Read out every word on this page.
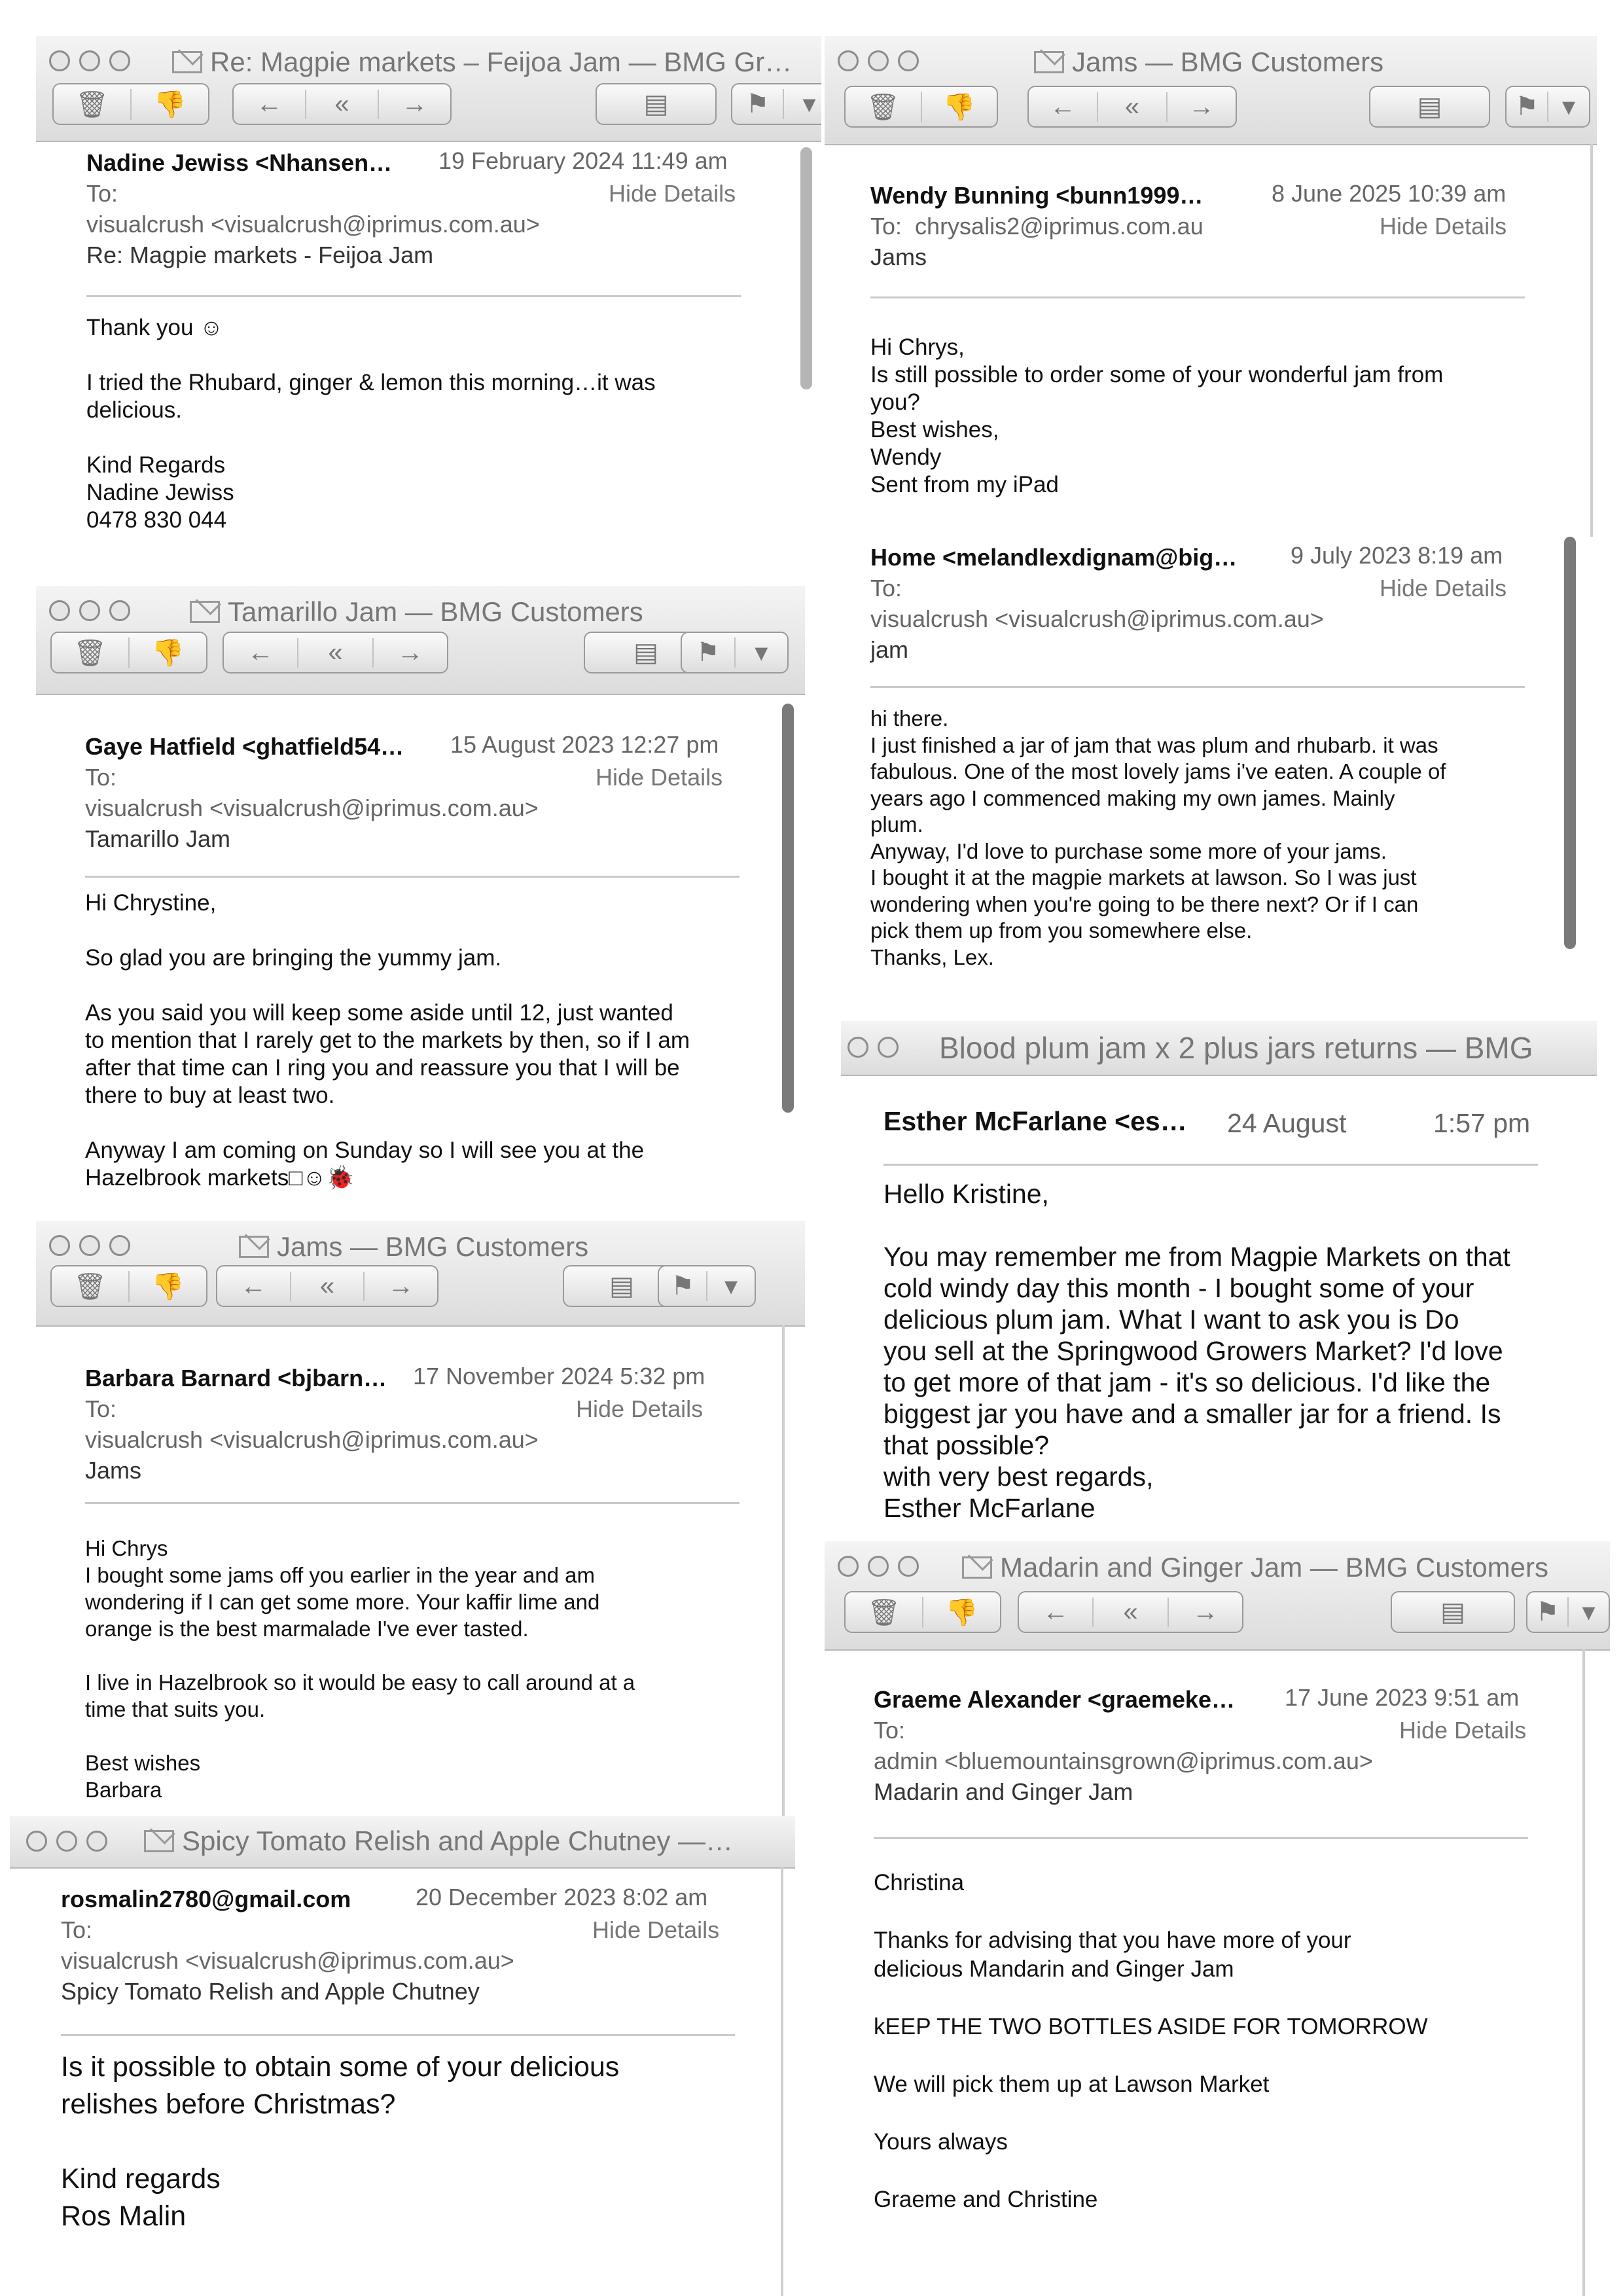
Re: Magpie markets – Feijoa Jam — BMG Gr…
🗑	👎	←	«	→	▤	⚑	▾
Nadine Jewiss <Nhansen…
To:
visualcrush <visualcrush@iprimus.com.au>
Re: Magpie markets - Feijoa Jam
19 February 2024 11:49 am
Hide Details
Thank you ☺

I tried the Rhubard, ginger & lemon this morning…it was
delicious.

Kind Regards
Nadine Jewiss
0478 830 044
Jams — BMG Customers
🗑	👎	←	«	→	▤	⚑ ▾
Wendy Bunning <bunn1999…
To: chrysalis2@iprimus.com.au
Jams
8 June 2025 10:39 am
Hide Details
Hi Chrys,
Is still possible to order some of your wonderful jam from
you?
Best wishes,
Wendy
Sent from my iPad
Home <melandlexdignam@big…
To:
visualcrush <visualcrush@iprimus.com.au>
jam
9 July 2023 8:19 am
Hide Details
hi there.
I just finished a jar of jam that was plum and rhubarb. it was
fabulous. One of the most lovely jams i've eaten. A couple of
years ago I commenced making my own james. Mainly
plum.
Anyway, I'd love to purchase some more of your jams.
I bought it at the magpie markets at lawson. So I was just
wondering when you're going to be there next? Or if I can
pick them up from you somewhere else.
Thanks, Lex.
Tamarillo Jam — BMG Customers
🗑	👎	←	«	→	▤	⚑	▾
Gaye Hatfield <ghatfield54…
To:
visualcrush <visualcrush@iprimus.com.au>
Tamarillo Jam
15 August 2023 12:27 pm
Hide Details
Hi Chrystine,

So glad you are bringing the yummy jam.

As you said you will keep some aside until 12, just wanted
to mention that I rarely get to the markets by then, so if I am
after that time can I ring you and reassure you that I will be
there to buy at least two.

Anyway I am coming on Sunday so I will see you at the
Hazelbrook markets□☺🐞
Blood plum jam x 2 plus jars returns — BMG
Esther McFarlane <es… 24 August	1:57 pm
Hello Kristine,

You may remember me from Magpie Markets on that
cold windy day this month - I bought some of your
delicious plum jam. What I want to ask you is Do
you sell at the Springwood Growers Market? I'd love
to get more of that jam - it's so delicious. I'd like the
biggest jar you have and a smaller jar for a friend. Is
that possible?
with very best regards,
Esther McFarlane
Jams — BMG Customers
🗑	👎	←	«	→	▤	⚑	▾
Barbara Barnard <bjbarn…
To:
visualcrush <visualcrush@iprimus.com.au>
Jams
17 November 2024 5:32 pm
Hide Details
Hi Chrys
I bought some jams off you earlier in the year and am
wondering if I can get some more. Your kaffir lime and
orange is the best marmalade I've ever tasted.

I live in Hazelbrook so it would be easy to call around at a
time that suits you.

Best wishes
Barbara
Madarin and Ginger Jam — BMG Customers
🗑	👎	←	«	→	▤	⚑ ▾
Graeme Alexander <graemeke…
To:
admin <bluemountainsgrown@iprimus.com.au>
Madarin and Ginger Jam
17 June 2023 9:51 am
Hide Details
Christina

Thanks for advising that you have more of your
delicious Mandarin and Ginger Jam

kEEP THE TWO BOTTLES ASIDE FOR TOMORROW

We will pick them up at Lawson Market

Yours always

Graeme and Christine
Spicy Tomato Relish and Apple Chutney —…
rosmalin2780@gmail.com
To:
visualcrush <visualcrush@iprimus.com.au>
Spicy Tomato Relish and Apple Chutney
20 December 2023 8:02 am
Hide Details
Is it possible to obtain some of your delicious
relishes before Christmas?

Kind regards
Ros Malin
